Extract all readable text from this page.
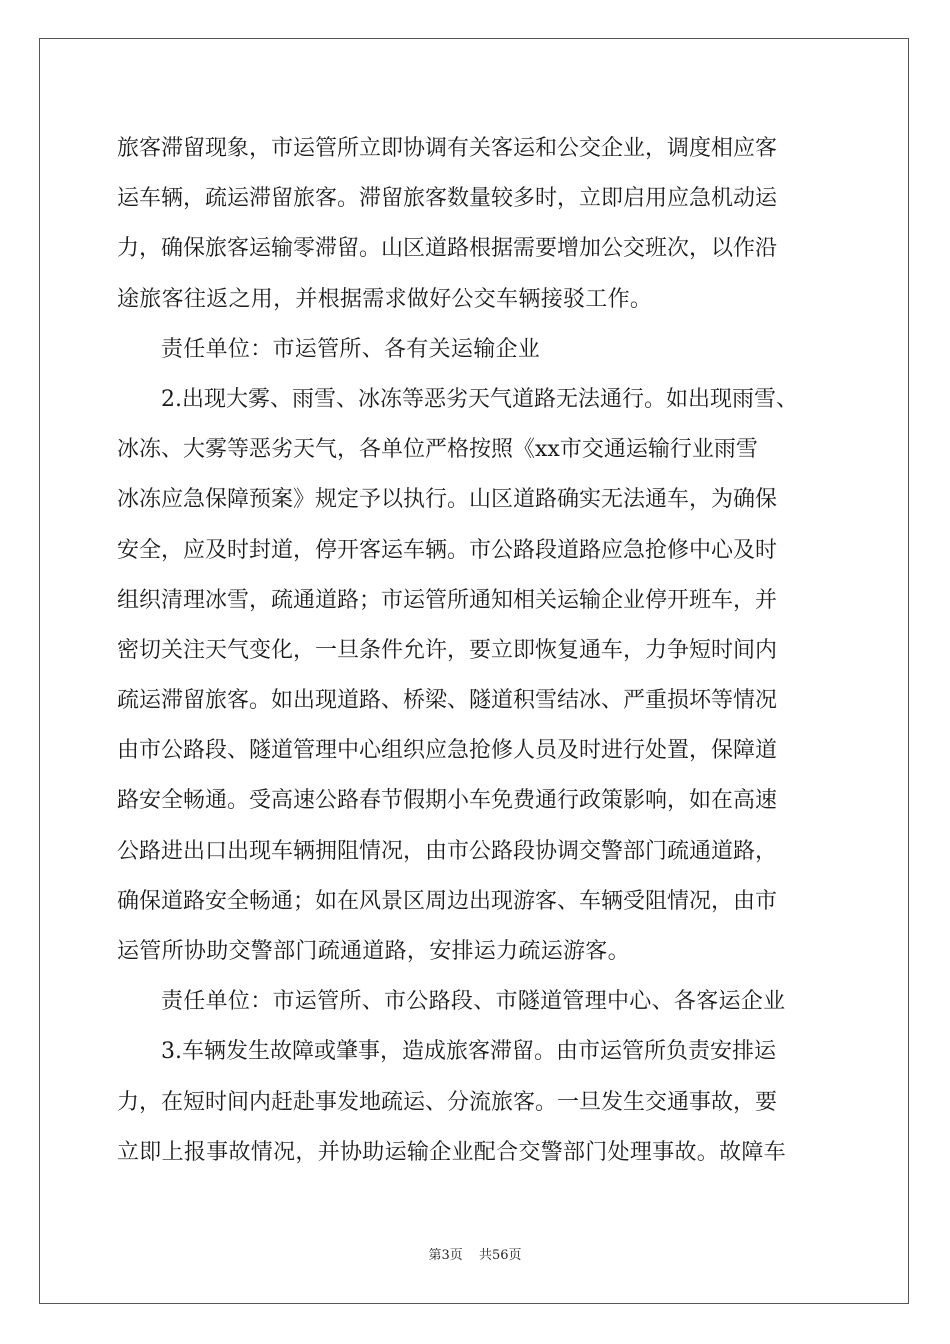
旅客滞留现象，市运管所立即协调有关客运和公交企业，调度相应客
运车辆，疏运滞留旅客。滞留旅客数量较多时，立即启用应急机动运
力，确保旅客运输零滞留。山区道路根据需要增加公交班次，以作沿
途旅客往返之用，并根据需求做好公交车辆接驳工作。
责任单位：市运管所、各有关运输企业
2.出现大雾、雨雪、冰冻等恶劣天气道路无法通行。如出现雨雪、
冰冻、大雾等恶劣天气，各单位严格按照《xx市交通运输行业雨雪
冰冻应急保障预案》规定予以执行。山区道路确实无法通车，为确保
安全，应及时封道，停开客运车辆。市公路段道路应急抢修中心及时
组织清理冰雪，疏通道路；市运管所通知相关运输企业停开班车，并
密切关注天气变化，一旦条件允许，要立即恢复通车，力争短时间内
疏运滞留旅客。如出现道路、桥梁、隧道积雪结冰、严重损坏等情况
由市公路段、隧道管理中心组织应急抢修人员及时进行处置，保障道
路安全畅通。受高速公路春节假期小车免费通行政策影响，如在高速
公路进出口出现车辆拥阻情况，由市公路段协调交警部门疏通道路，
确保道路安全畅通；如在风景区周边出现游客、车辆受阻情况，由市
运管所协助交警部门疏通道路，安排运力疏运游客。
责任单位：市运管所、市公路段、市隧道管理中心、各客运企业
3.车辆发生故障或肇事，造成旅客滞留。由市运管所负责安排运
力，在短时间内赶赴事发地疏运、分流旅客。一旦发生交通事故，要
立即上报事故情况，并协助运输企业配合交警部门处理事故。故障车
第3页 共56页
